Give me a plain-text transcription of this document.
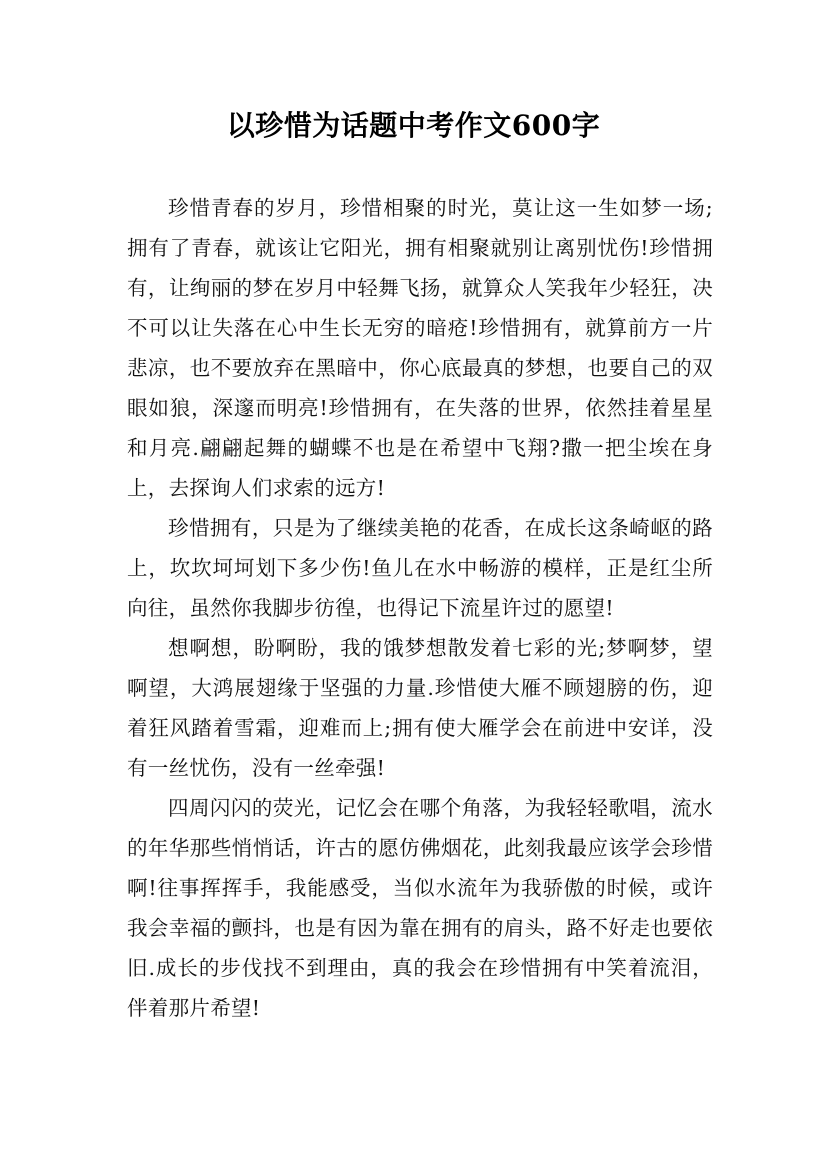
以珍惜为话题中考作文600字

珍惜青春的岁月，珍惜相聚的时光，莫让这一生如梦一场;拥有了青春，就该让它阳光，拥有相聚就别让离别忧伤!珍惜拥有，让绚丽的梦在岁月中轻舞飞扬，就算众人笑我年少轻狂，决不可以让失落在心中生长无穷的暗疮!珍惜拥有，就算前方一片悲凉，也不要放弃在黑暗中，你心底最真的梦想，也要自己的双眼如狼，深邃而明亮!珍惜拥有，在失落的世界，依然挂着星星和月亮.翩翩起舞的蝴蝶不也是在希望中飞翔?撒一把尘埃在身上，去探询人们求索的远方!

珍惜拥有，只是为了继续美艳的花香，在成长这条崎岖的路上，坎坎坷坷划下多少伤!鱼儿在水中畅游的模样，正是红尘所向往，虽然你我脚步彷徨，也得记下流星许过的愿望!

想啊想，盼啊盼，我的饿梦想散发着七彩的光;梦啊梦，望啊望，大鸿展翅缘于坚强的力量.珍惜使大雁不顾翅膀的伤，迎着狂风踏着雪霜，迎难而上;拥有使大雁学会在前进中安详，没有一丝忧伤，没有一丝牵强!

四周闪闪的荧光，记忆会在哪个角落，为我轻轻歌唱，流水的年华那些悄悄话，许古的愿仿佛烟花，此刻我最应该学会珍惜啊!往事挥挥手，我能感受，当似水流年为我骄傲的时候，或许我会幸福的颤抖，也是有因为靠在拥有的肩头，路不好走也要依旧.成长的步伐找不到理由，真的我会在珍惜拥有中笑着流泪，伴着那片希望!
